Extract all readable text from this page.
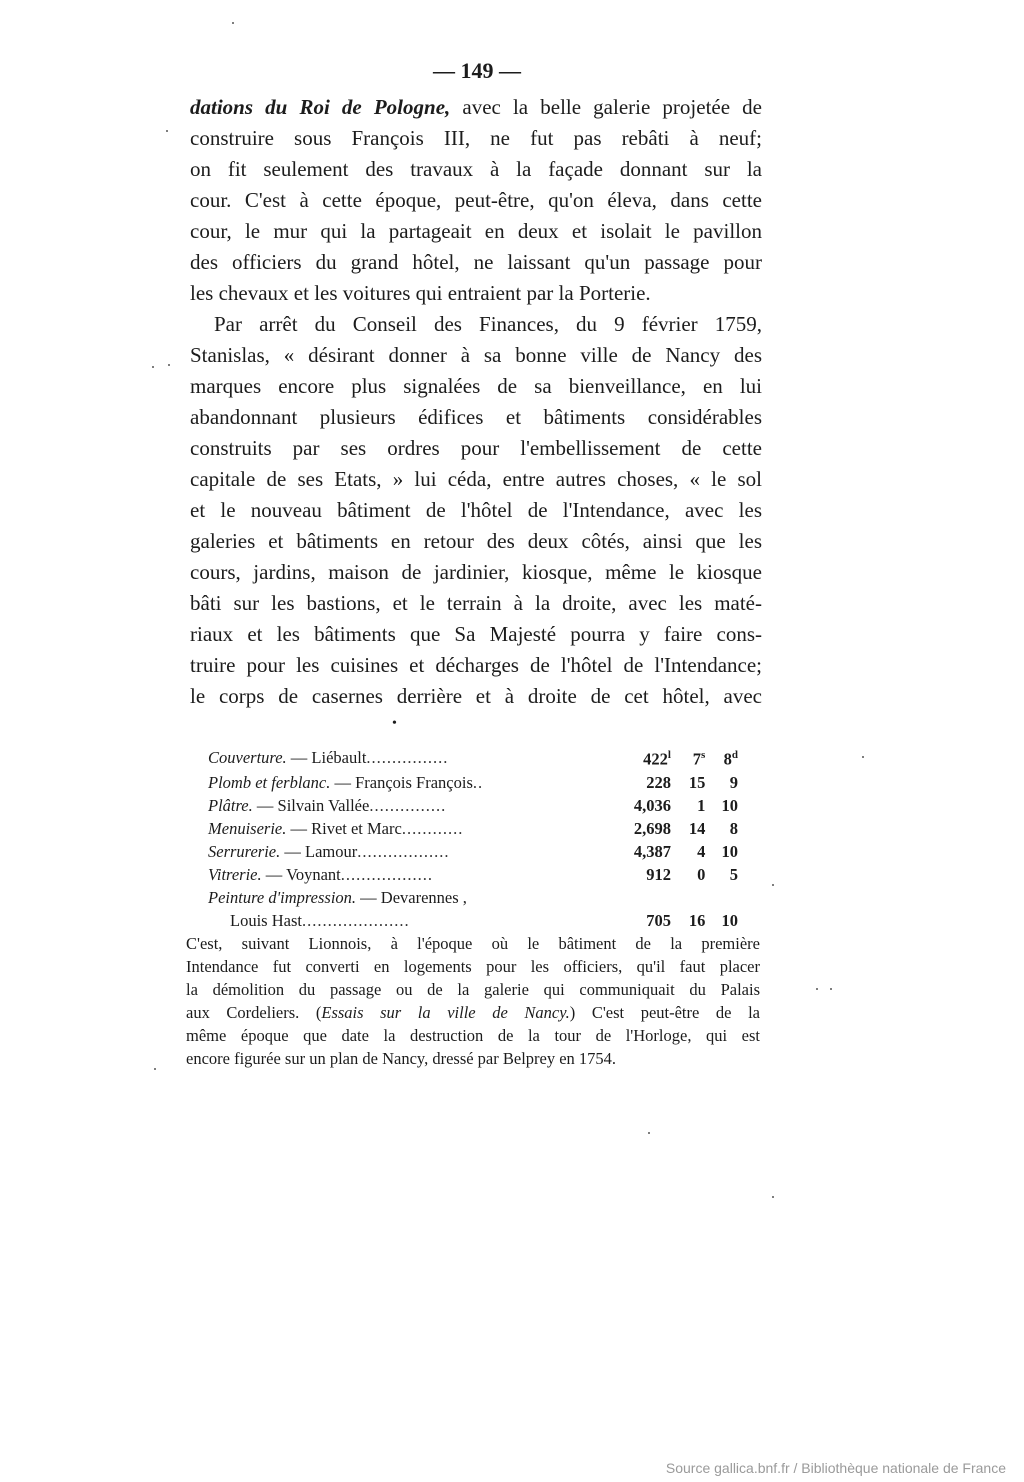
— 149 —

dations du Roi de Pologne, avec la belle galerie projetée de

construire sous François III, ne fut pas rebâti à neuf;

on fit seulement des travaux à la façade donnant sur la

cour. C'est à cette époque, peut-être, qu'on éleva, dans cette

cour, le mur qui la partageait en deux et isolait le pavillon

des officiers du grand hôtel, ne laissant qu'un passage pour

les chevaux et les voitures qui entraient par la Porterie.

Par arrêt du Conseil des Finances, du 9 février 1759,

Stanislas, « désirant donner à sa bonne ville de Nancy des

marques encore plus signalées de sa bienveillance, en lui

abandonnant plusieurs édifices et bâtiments considérables

construits par ses ordres pour l'embellissement de cette

capitale de ses Etats, » lui céda, entre autres choses, « le sol

et le nouveau bâtiment de l'hôtel de l'Intendance, avec les

galeries et bâtiments en retour des deux côtés, ainsi que les

cours, jardins, maison de jardinier, kiosque, même le kiosque

bâti sur les bastions, et le terrain à la droite, avec les maté-

riaux et les bâtiments que Sa Majesté pourra y faire cons-

truire pour les cuisines et décharges de l'hôtel de l'Intendance;

le corps de casernes derrière et à droite de cet hôtel, avec

•
Couverture. — Liébault................	422$^l$	7$^s$	8$^d$
Plomb et ferblanc. — François François..	228	15	9
Plâtre. — Silvain Vallée...............	4,036	1	10
Menuiserie. — Rivet et Marc............	2,698	14	8
Serrurerie. — Lamour..................	4,387	4	10
Vitrerie. — Voynant..................	912	0	5
Peinture d'impression. — Devarennes ,			
Louis Hast.....................	705	16	10

C'est, suivant Lionnois, à l'époque où le bâtiment de la première

Intendance fut converti en logements pour les officiers, qu'il faut placer

la démolition du passage ou de la galerie qui communiquait du Palais

aux Cordeliers. (Essais sur la ville de Nancy.) C'est peut-être de la

même époque que date la destruction de la tour de l'Horloge, qui est

encore figurée sur un plan de Nancy, dressé par Belprey en 1754.

Source gallica.bnf.fr / Bibliothèque nationale de France
